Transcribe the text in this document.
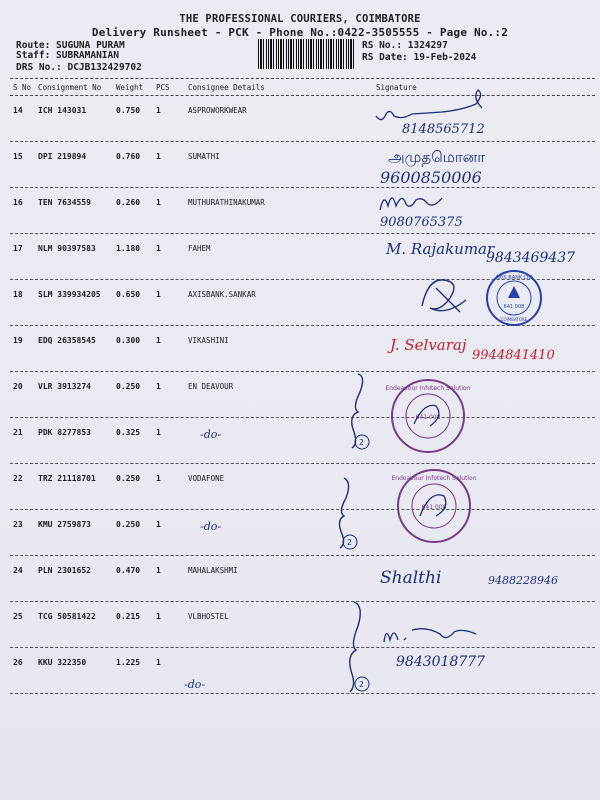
THE PROFESSIONAL COURIERS, COIMBATORE
Delivery Runsheet - PCK - Phone No.:0422-3505555 - Page No.:2
Route: SUGUNA PURAM
Staff: SUBRAMANIAN
DRS No.: DCJB132429702
RS No.: 1324297
RS Date: 19-Feb-2024
S No Consignment No Weight PCS Consignee Details	Signature
14 ICH 143031	0.750 1	ASPROWORKWEAR
15 DPI 219894	0.760 1	SUMATHI
16 TEN 7634559	0.260 1	MUTHURATHINAKUMAR
17 NLM 90397583	1.180 1	FAHEM
18 SLM 339934205 0.650 1	AXISBANK.SANKAR
19 EDQ 26358545	0.300 1	VIKASHINI
20 VLR 3913274	0.250 1	EN DEAVOUR
21 PDK 8277853	0.325 1
22 TRZ 21118701	0.250 1	VODAFONE
23 KMU 2759873	0.250 1
24 PLN 2301652	0.470 1	MAHALAKSHMI
25 TCG 50581422	0.215 1	VLBHOSTEL
26 KKU 322350	1.225 1
8148565712
அமுதமொனா
9600850006
9080765375
M. Rajakumar
9843469437
AXIS BANK LTD
641 008
COIMBATORE
J. Selvaraj
9944841410
2
-do-
Endeavour Infotech Solution
641 008
2
-do-
Endeavour Infotech Solution
641 008
Shalthi	9488228946
2
9843018777
-do-
